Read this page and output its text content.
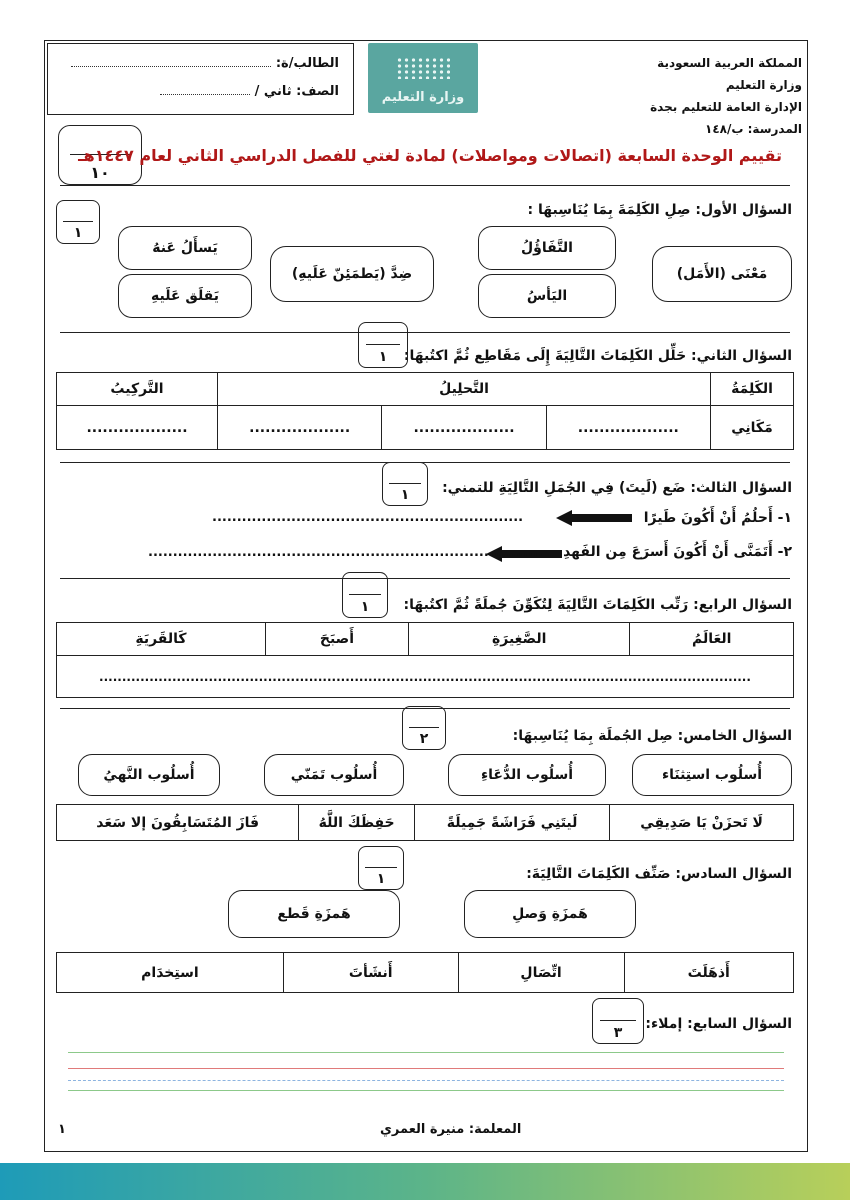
الطالب/ة:
الصف: ثاني /	وزارة التعليم
المملكة العربية السعودية
وزارة التعليم
الإدارة العامة للتعليم بجدة
المدرسة: ب/١٤٨
١٠
تقييم الوحدة السابعة (اتصالات ومواصلات) لمادة لغتي للفصل الدراسي الثاني لعام ١٤٤٧هـ
السؤال الأول: صِلِ الكَلِمَةَ بِمَا يُنَاسِبهَا :
١
مَعْنَى (الأَمَل)
ضِدَّ (يَطمَئِنّ عَلَيهِ)
التَّفَاؤُلُ
اليَأسُ
يَسأَلُ عَنهُ
يَقلَق عَلَيهِ
السؤال الثاني: حَلِّل الكَلِمَاتَ التَّالِيَةَ إِلَى مَقَاطِع ثُمَّ اكتُبهَا:
١
الكَلِمَةُ	التَّحلِيلُ			التَّركِيبُ
مَكَانِي	...................	...................	...................	...................
السؤال الثالث: ضَع (لَيتَ) فِي الجُمَلِ التَّالِيَةِ للتمني:
١
١- أَحلُمُ أَنْ أَكُونَ طَيرًا
...............................................................
٢- أَتَمَنَّى أَنْ أَكُونَ أَسرَعَ مِن الفَهدِ
................................................................................
السؤال الرابع: رَتِّب الكَلِمَاتَ التَّالِيَةَ لِتُكَوِّنَ جُملَةً ثُمَّ اكتُبهَا:
١
العَالَمُ	الصَّغِيرَةِ	أَصبَحَ	كَالقَريَةِ
...............................................................................................................................................
السؤال الخامس: صِل الجُملَة بِمَا يُنَاسِبهَا:
٢
أُسلُوب استِثنَاء
أُسلُوب الدُّعَاءِ
أُسلُوب تَمَنّي
أُسلُوب النَّهيُ
لَا تَحزَنْ يَا صَدِيقِي	لَيتَنِي فَرَاشَةً جَمِيلَةً	حَفِظَكَ اللَّهُ	فَازَ المُتَسَابِقُونَ إلا سَعَد
السؤال السادس: صَنِّف الكَلِمَاتَ التَّالِيَةَ:
١
هَمزَةِ وَصلِ
هَمزَةِ قَطع
أَذهَلَتَ	اتِّصَالِ	أَنشَأتَ	استِخدَام
السؤال السابع: إملاء:
٣
المعلمة: منيرة العمري
١
